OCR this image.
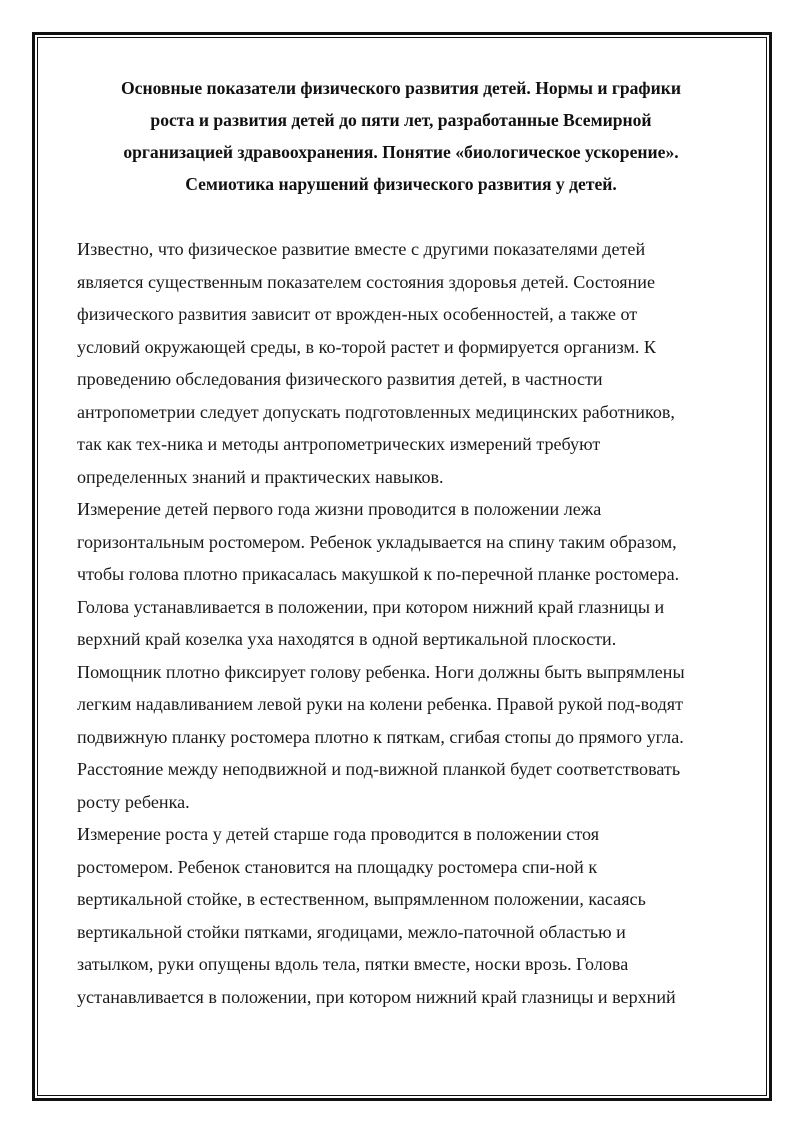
Основные показатели физического развития детей. Нормы и графики
роста и развития детей до пяти лет, разработанные Всемирной
организацией здравоохранения. Понятие «биологическое ускорение».
Семиотика нарушений физического развития у детей.
Известно, что физическое развитие вместе с другими показателями детей
является существенным показателем состояния здоровья детей. Состояние
физического развития зависит от врожден-ных особенностей, а также от
условий окружающей среды, в ко-торой растет и формируется организм. К
проведению обследования физического развития детей, в частности
антропометрии следует допускать подготовленных медицинских работников,
так как тех-ника и методы антропометрических измерений требуют
определенных знаний и практических навыков.
Измерение детей первого года жизни проводится в положении лежа
горизонтальным ростомером. Ребенок укладывается на спину таким образом,
чтобы голова плотно прикасалась макушкой к по-перечной планке ростомера.
Голова устанавливается в положении, при котором нижний край глазницы и
верхний край козелка уха находятся в одной вертикальной плоскости.
Помощник плотно фиксирует голову ребенка. Ноги должны быть выпрямлены
легким надавливанием левой руки на колени ребенка. Правой рукой под-водят
подвижную планку ростомера плотно к пяткам, сгибая стопы до прямого угла.
Расстояние между неподвижной и под-вижной планкой будет соответствовать
росту ребенка.
Измерение роста у детей старше года проводится в положении стоя
ростомером. Ребенок становится на площадку ростомера спи-ной к
вертикальной стойке, в естественном, выпрямленном положении, касаясь
вертикальной стойки пятками, ягодицами, межло-паточной областью и
затылком, руки опущены вдоль тела, пятки вместе, носки врозь. Голова
устанавливается в положении, при котором нижний край глазницы и верхний
